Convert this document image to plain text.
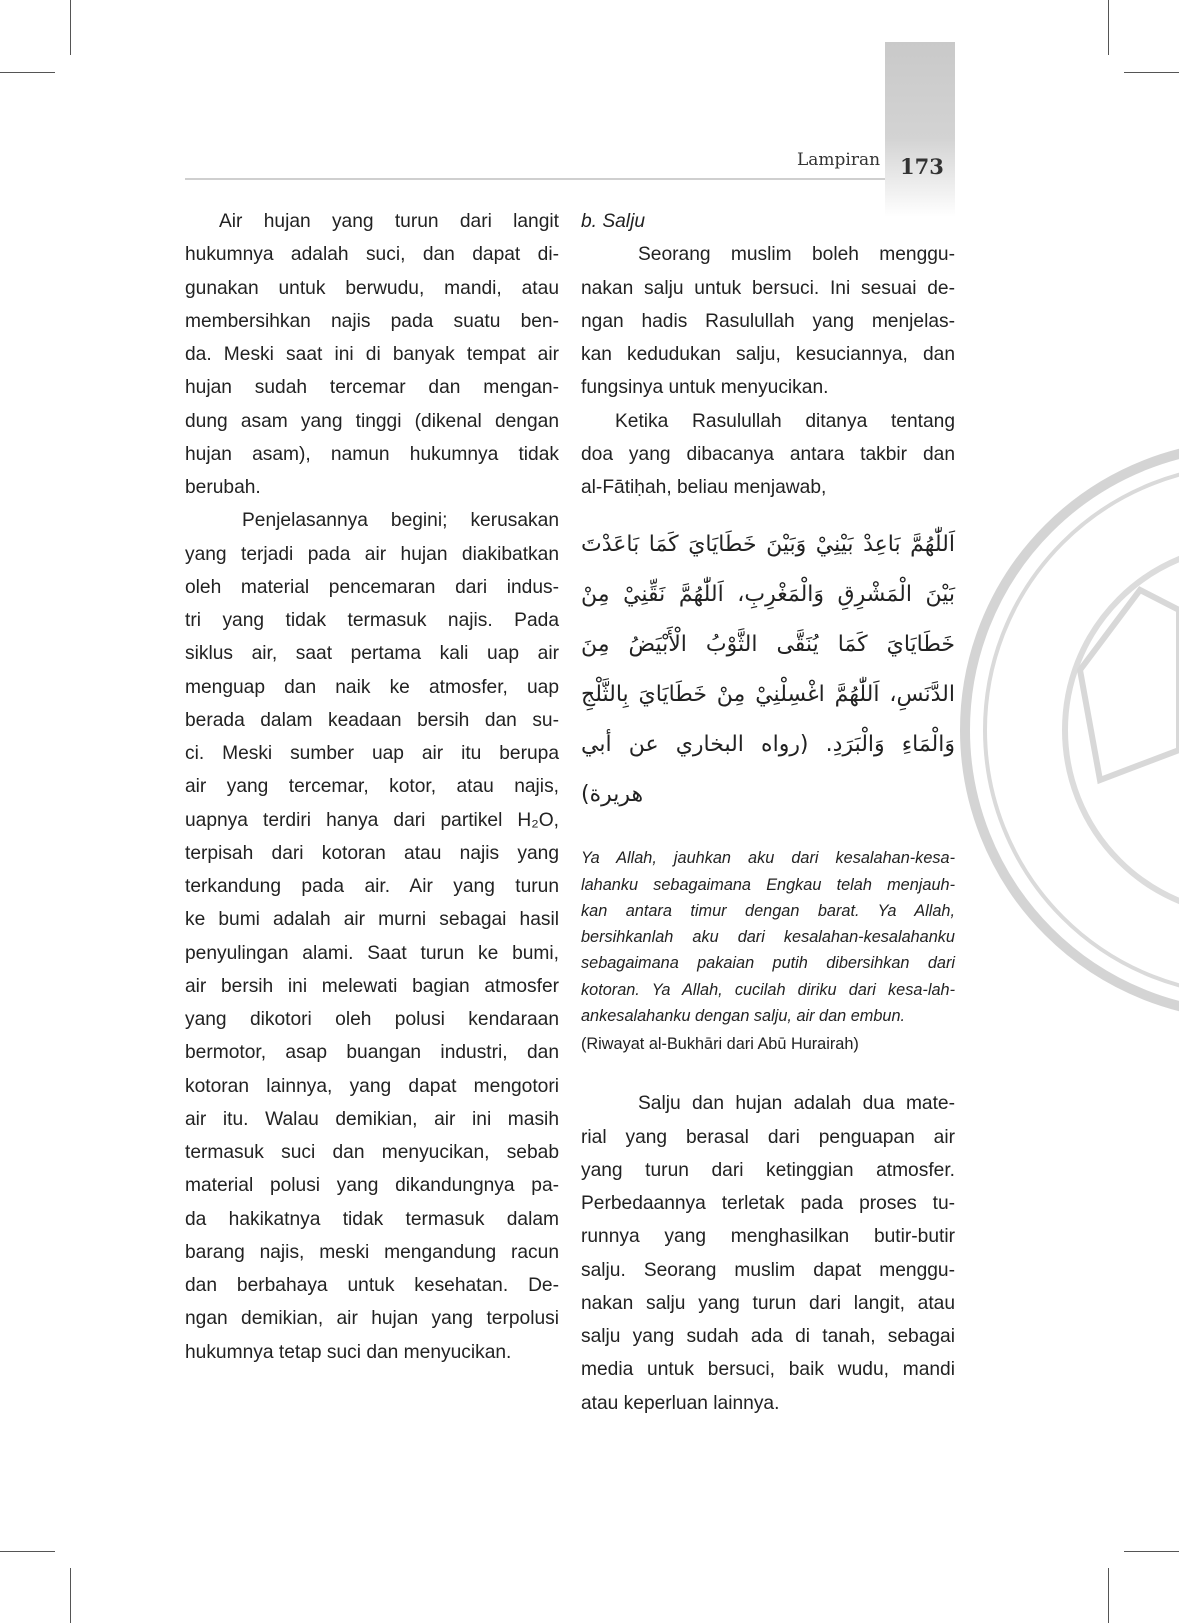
Lampiran 173
Air hujan yang turun dari langit
hukumnya adalah suci, dan dapat di-
gunakan untuk berwudu, mandi, atau
membersihkan najis pada suatu ben-
da. Meski saat ini di banyak tempat air
hujan sudah tercemar dan mengan-
dung asam yang tinggi (dikenal dengan
hujan asam), namun hukumnya tidak
berubah.
Penjelasannya begini; kerusakan
yang terjadi pada air hujan diakibatkan
oleh material pencemaran dari indus-
tri yang tidak termasuk najis. Pada
siklus air, saat pertama kali uap air
menguap dan naik ke atmosfer, uap
berada dalam keadaan bersih dan su-
ci. Meski sumber uap air itu berupa
air yang tercemar, kotor, atau najis,
uapnya terdiri hanya dari partikel H₂O,
terpisah dari kotoran atau najis yang
terkandung pada air. Air yang turun
ke bumi adalah air murni sebagai hasil
penyulingan alami. Saat turun ke bumi,
air bersih ini melewati bagian atmosfer
yang dikotori oleh polusi kendaraan
bermotor, asap buangan industri, dan
kotoran lainnya, yang dapat mengotori
air itu. Walau demikian, air ini masih
termasuk suci dan menyucikan, sebab
material polusi yang dikandungnya pa-
da hakikatnya tidak termasuk dalam
barang najis, meski mengandung racun
dan berbahaya untuk kesehatan. De-
ngan demikian, air hujan yang terpolusi
hukumnya tetap suci dan menyucikan.
b. Salju
Seorang muslim boleh menggu-
nakan salju untuk bersuci. Ini sesuai de-
ngan hadis Rasulullah yang menjelas-
kan kedudukan salju, kesuciannya, dan
fungsinya untuk menyucikan.
Ketika Rasulullah ditanya tentang
doa yang dibacanya antara takbir dan
al-Fātiḥah, beliau menjawab,
اَللّٰهُمَّ بَاعِدْ بَيْنِيْ وَبَيْنَ خَطَايَايَ كَمَا بَاعَدْتَ
بَيْنَ الْمَشْرِقِ وَالْمَغْرِبِ، اَللّٰهُمَّ نَقِّنِيْ مِنْ
خَطَايَايَ كَمَا يُنَقَّى الثَّوْبُ الْأَبْيَضُ مِنَ
الدَّنَسِ، اَللّٰهُمَّ اغْسِلْنِيْ مِنْ خَطَايَايَ بِالثَّلْجِ
وَالْمَاءِ وَالْبَرَدِ. (رواه البخاري عن أبي هريرة)
Ya Allah, jauhkan aku dari kesalahan-kesa-
lahanku sebagaimana Engkau telah menjauh-
kan antara timur dengan barat. Ya Allah,
bersihkanlah aku dari kesalahan-kesalahanku
sebagaimana pakaian putih dibersihkan dari
kotoran. Ya Allah, cucilah diriku dari kesa-lah-
ankesalahanku dengan salju, air dan embun.
(Riwayat al-Bukhāri dari Abū Hurairah)
Salju dan hujan adalah dua mate-
rial yang berasal dari penguapan air
yang turun dari ketinggian atmosfer.
Perbedaannya terletak pada proses tu-
runnya yang menghasilkan butir-butir
salju. Seorang muslim dapat menggu-
nakan salju yang turun dari langit, atau
salju yang sudah ada di tanah, sebagai
media untuk bersuci, baik wudu, mandi
atau keperluan lainnya.
